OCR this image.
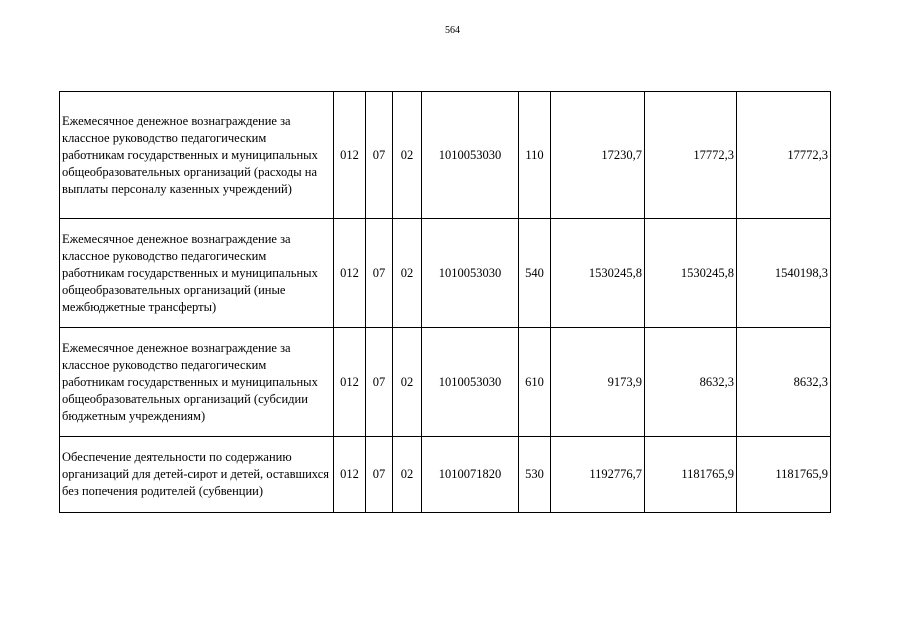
564
Ежемесячное денежное вознаграждение за классное руководство педагогическим работникам государственных и муниципальных общеобразовательных организаций (расходы на выплаты персоналу казенных учреждений)	012	07	02	1010053030	110	17230,7	17772,3	17772,3
Ежемесячное денежное вознаграждение за классное руководство педагогическим работникам государственных и муниципальных общеобразовательных организаций (иные межбюджетные трансферты)	012	07	02	1010053030	540	1530245,8	1530245,8	1540198,3
Ежемесячное денежное вознаграждение за классное руководство педагогическим работникам государственных и муниципальных общеобразовательных организаций (субсидии бюджетным учреждениям)	012	07	02	1010053030	610	9173,9	8632,3	8632,3
Обеспечение деятельности по содержанию организаций для детей-сирот и детей, оставшихся без попечения родителей (субвенции)	012	07	02	1010071820	530	1192776,7	1181765,9	1181765,9
